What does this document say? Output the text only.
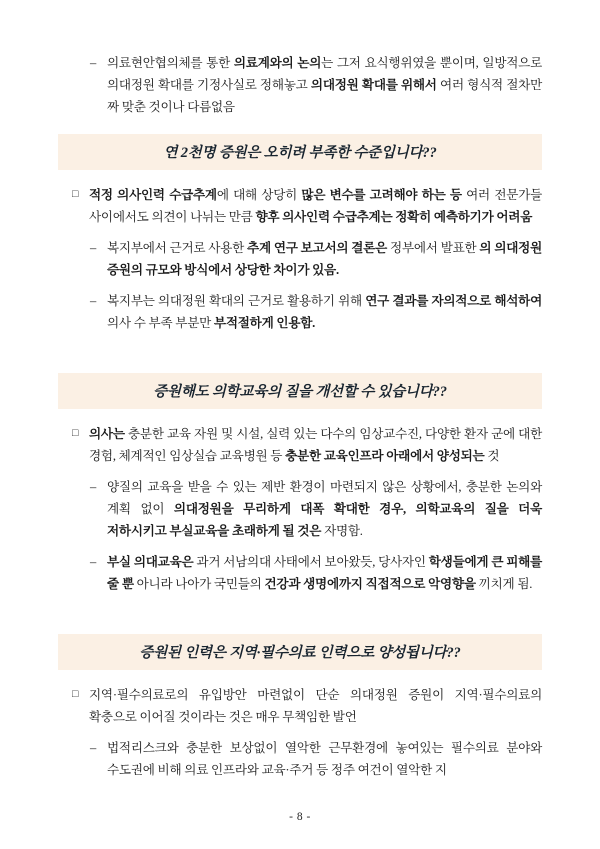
– 의료현안협의체를 통한 의료계와의 논의는 그저 요식행위였을 뿐이며, 일방적으로 의대정원 확대를 기정사실로 정해놓고 의대정원 확대를 위해서 여러 형식적 절차만 짜 맞춘 것이나 다름없음
연 2천명 증원은 오히려 부족한 수준입니다??
□ 적정 의사인력 수급추계에 대해 상당히 많은 변수를 고려해야 하는 등 여러 전문가들 사이에서도 의견이 나뉘는 만큼 향후 의사인력 수급추계는 정확히 예측하기가 어려움
– 복지부에서 근거로 사용한 추계 연구 보고서의 결론은 정부에서 발표한 의 의대정원 증원의 규모와 방식에서 상당한 차이가 있음.
– 복지부는 의대정원 확대의 근거로 활용하기 위해 연구 결과를 자의적으로 해석하여 의사 수 부족 부분만 부적절하게 인용함.
증원해도 의학교육의 질을 개선할 수 있습니다??
□ 의사는 충분한 교육 자원 및 시설, 실력 있는 다수의 임상교수진, 다양한 환자 군에 대한 경험, 체계적인 임상실습 교육병원 등 충분한 교육인프라 아래에서 양성되는 것
– 양질의 교육을 받을 수 있는 제반 환경이 마련되지 않은 상황에서, 충분한 논의와 계획 없이 의대정원을 무리하게 대폭 확대한 경우, 의학교육의 질을 더욱 저하시키고 부실교육을 초래하게 될 것은 자명함.
– 부실 의대교육은 과거 서남의대 사태에서 보아왔듯, 당사자인 학생들에게 큰 피해를 줄 뿐 아니라 나아가 국민들의 건강과 생명에까지 직접적으로 악영향을 끼치게 됨.
증원된 인력은 지역·필수의료 인력으로 양성됩니다??
□ 지역·필수의료로의 유입방안 마련없이 단순 의대정원 증원이 지역·필수의료의 확충으로 이어질 것이라는 것은 매우 무책임한 발언
– 법적리스크와 충분한 보상없이 열악한 근무환경에 놓여있는 필수의료 분야와 수도권에 비해 의료 인프라와 교육·주거 등 정주 여건이 열악한 지
- 8 -
